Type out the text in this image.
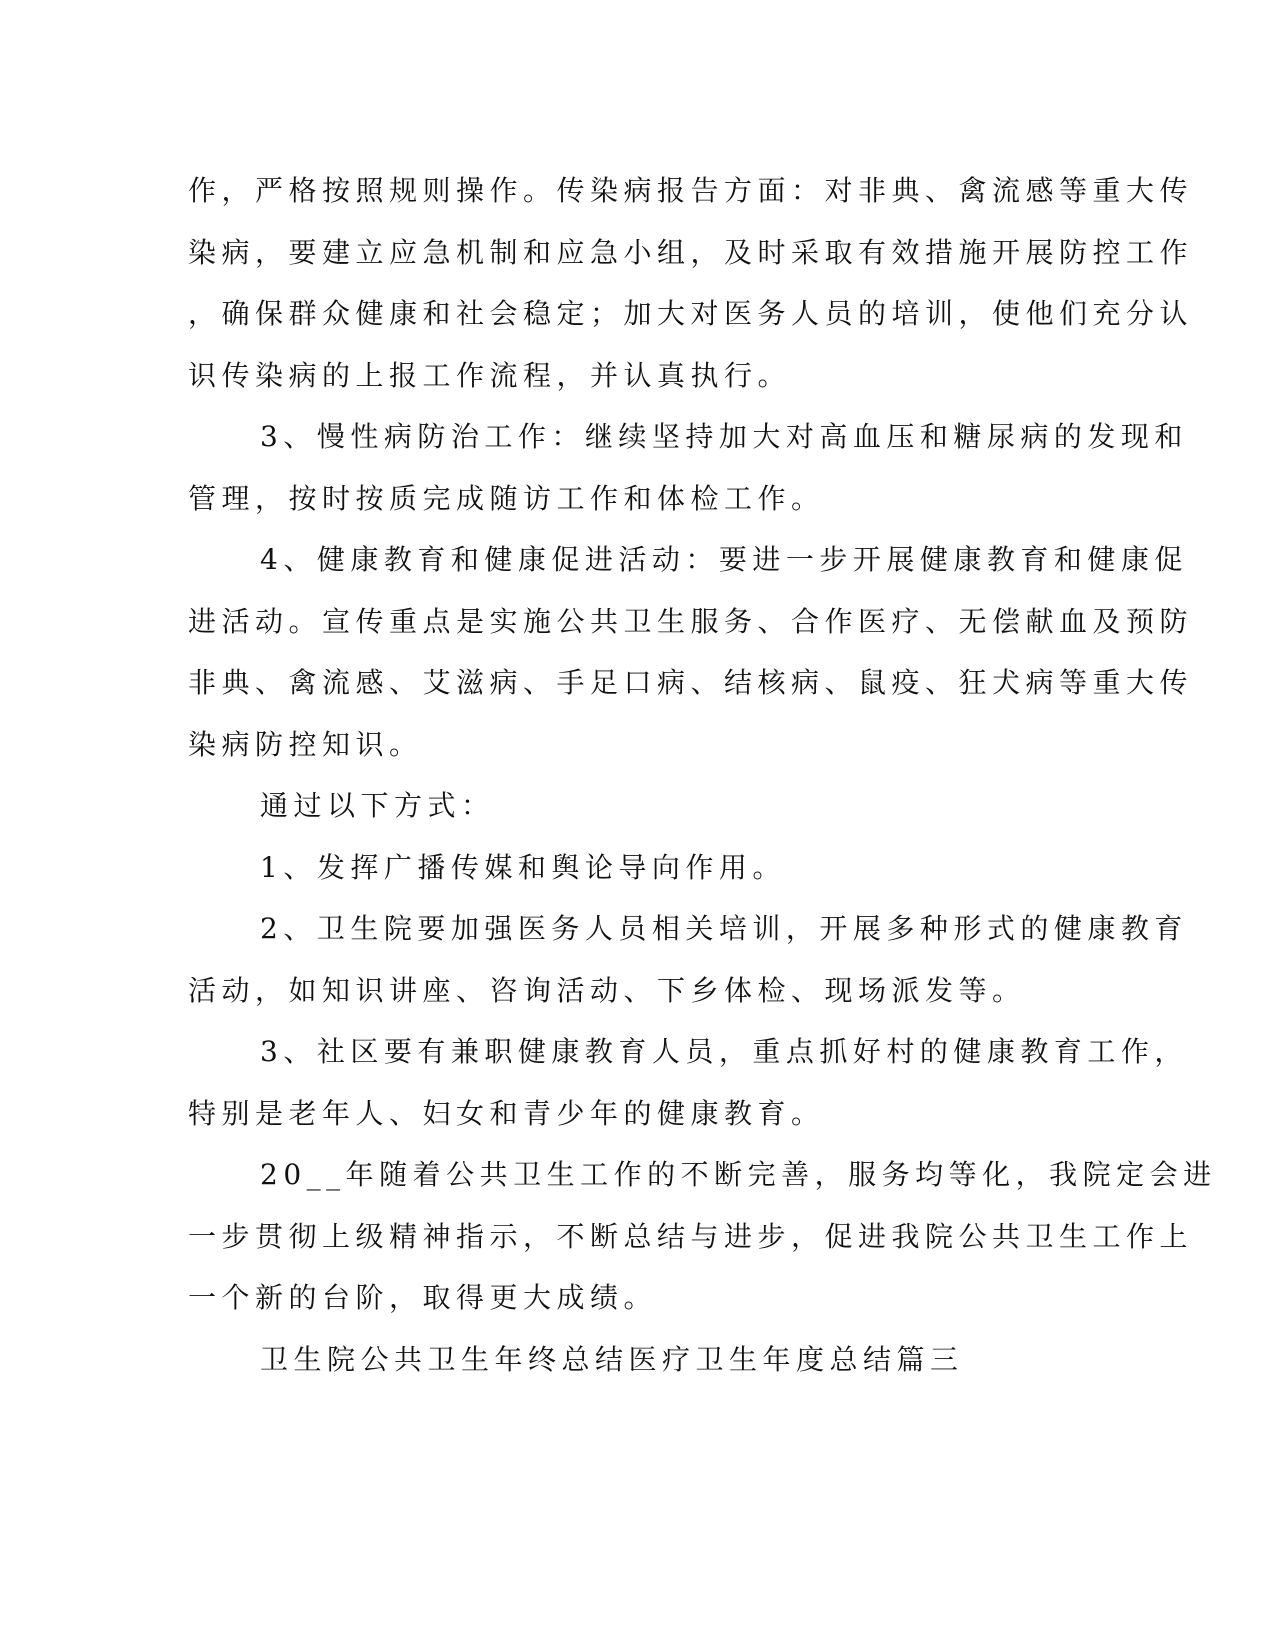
作，严格按照规则操作。传染病报告方面：对非典、禽流感等重大传
染病，要建立应急机制和应急小组，及时采取有效措施开展防控工作
，确保群众健康和社会稳定；加大对医务人员的培训，使他们充分认
识传染病的上报工作流程，并认真执行。
3、慢性病防治工作：继续坚持加大对高血压和糖尿病的发现和
管理，按时按质完成随访工作和体检工作。
4、健康教育和健康促进活动：要进一步开展健康教育和健康促
进活动。宣传重点是实施公共卫生服务、合作医疗、无偿献血及预防
非典、禽流感、艾滋病、手足口病、结核病、鼠疫、狂犬病等重大传
染病防控知识。
通过以下方式：
1、发挥广播传媒和舆论导向作用。
2、卫生院要加强医务人员相关培训，开展多种形式的健康教育
活动，如知识讲座、咨询活动、下乡体检、现场派发等。
3、社区要有兼职健康教育人员，重点抓好村的健康教育工作，
特别是老年人、妇女和青少年的健康教育。
20__年随着公共卫生工作的不断完善，服务均等化，我院定会进
一步贯彻上级精神指示，不断总结与进步，促进我院公共卫生工作上
一个新的台阶，取得更大成绩。
卫生院公共卫生年终总结医疗卫生年度总结篇三
